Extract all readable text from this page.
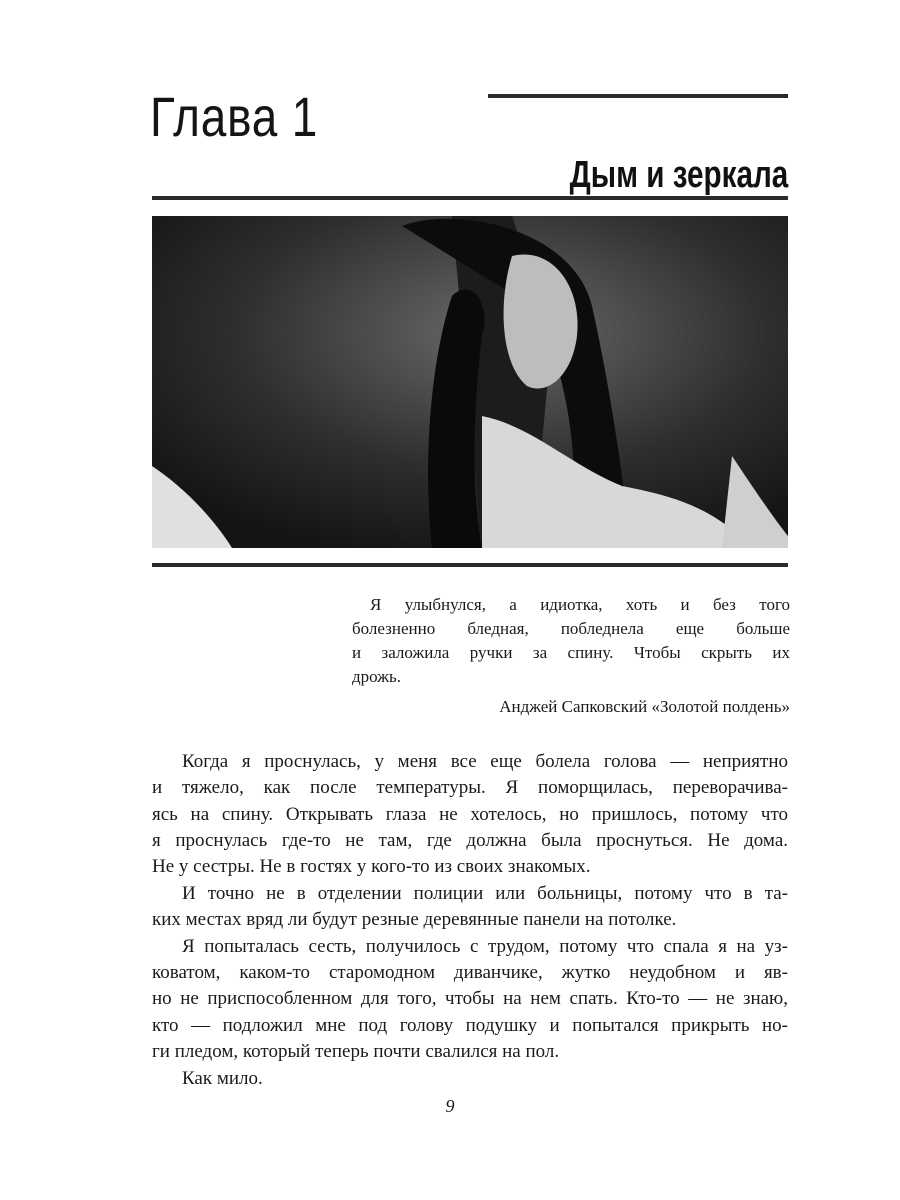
Глава 1
Дым и зеркала
Я улыбнулся, а идиотка, хоть и без того
болезненно бледная, побледнела еще больше
и заложила ручки за спину. Чтобы скрыть их
дрожь.
Анджей Сапковский «Золотой полдень»
Когда я проснулась, у меня все еще болела голова — неприятно
и тяжело, как после температуры. Я поморщилась, переворачива-
ясь на спину. Открывать глаза не хотелось, но пришлось, потому что
я проснулась где-то не там, где должна была проснуться. Не дома.
Не у сестры. Не в гостях у кого-то из своих знакомых.
И точно не в отделении полиции или больницы, потому что в та-
ких местах вряд ли будут резные деревянные панели на потолке.
Я попыталась сесть, получилось с трудом, потому что спала я на уз-
коватом, каком-то старомодном диванчике, жутко неудобном и яв-
но не приспособленном для того, чтобы на нем спать. Кто-то — не знаю,
кто — подложил мне под голову подушку и попытался прикрыть но-
ги пледом, который теперь почти свалился на пол.
Как мило.
9
